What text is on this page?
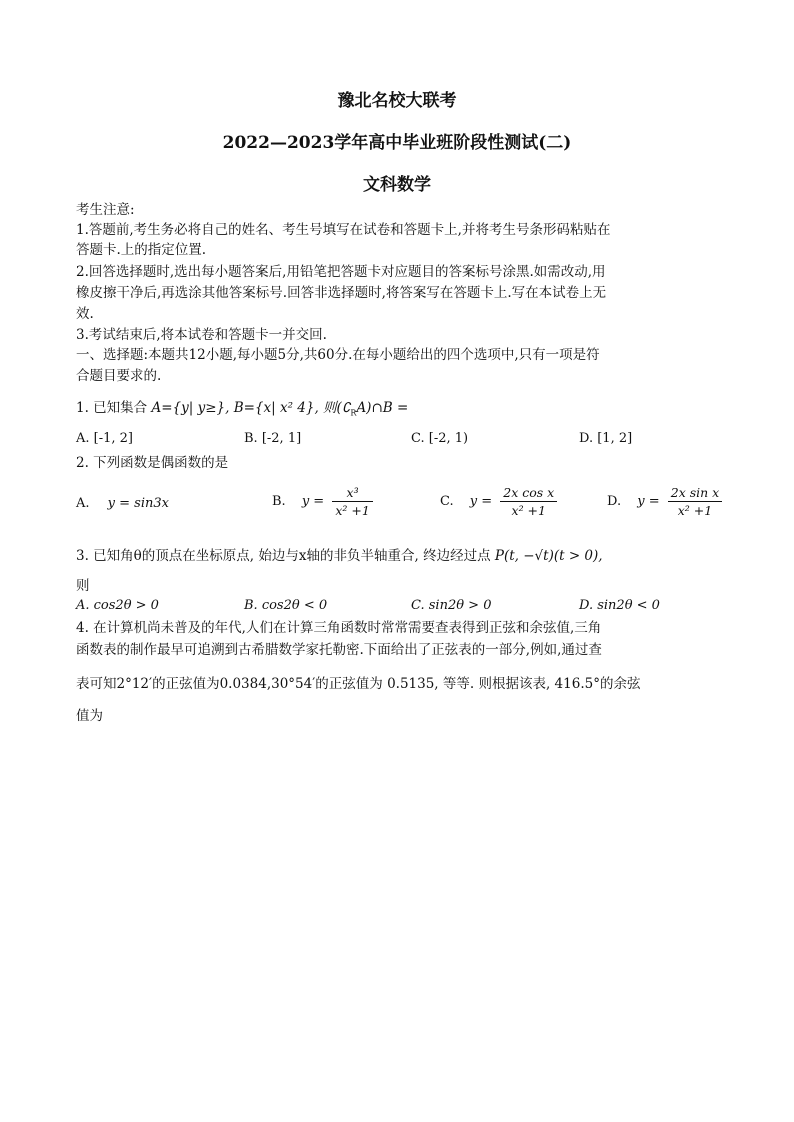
豫北名校大联考
2022—2023学年高中毕业班阶段性测试(二)
文科数学
考生注意:
1.答题前,考生务必将自己的姓名、考生号填写在试卷和答题卡上,并将考生号条形码粘贴在
答题卡.上的指定位置.
2.回答选择题时,选出每小题答案后,用铅笔把答题卡对应题目的答案标号涂黑.如需改动,用
橡皮擦干净后,再选涂其他答案标号.回答非选择题时,将答案写在答题卡上.写在本试卷上无
效.
3.考试结束后,将本试卷和答题卡一并交回.
一、选择题:本题共12小题,每小题5分,共60分.在每小题给出的四个选项中,只有一项是符
合题目要求的.
1. 已知集合 A={y| y≥}, B={x| x² 4}, 则$(∁_RA)\cap B$ =
A. [-1, 2]	B. [-2, 1]	C. [-2, 1)	D. [1, 2]
2. 下列函数是偶函数的是
A. y = sin3x	B. $y = \frac{\text{x³}}{\text{x² +1}}$	C. $y = \frac{\text{2x cos x}}{\text{x² +1}}$	D. $y = \frac{\text{2x sin x}}{\text{x² +1}}$
3. 已知角θ的顶点在坐标原点, 始边与x轴的非负半轴重合, 终边经过点 P(t, −√t)(t > 0),
则
A. cos2θ > 0	B. cos2θ < 0	C. sin2θ > 0	D. sin2θ < 0
4. 在计算机尚未普及的年代,人们在计算三角函数时常常需要查表得到正弦和余弦值,三角
函数表的制作最早可追溯到古希腊数学家托勒密.下面给出了正弦表的一部分,例如,通过查
表可知2°12′的正弦值为0.0384,30°54′的正弦值为 0.5135, 等等. 则根据该表, 416.5°的余弦
值为
